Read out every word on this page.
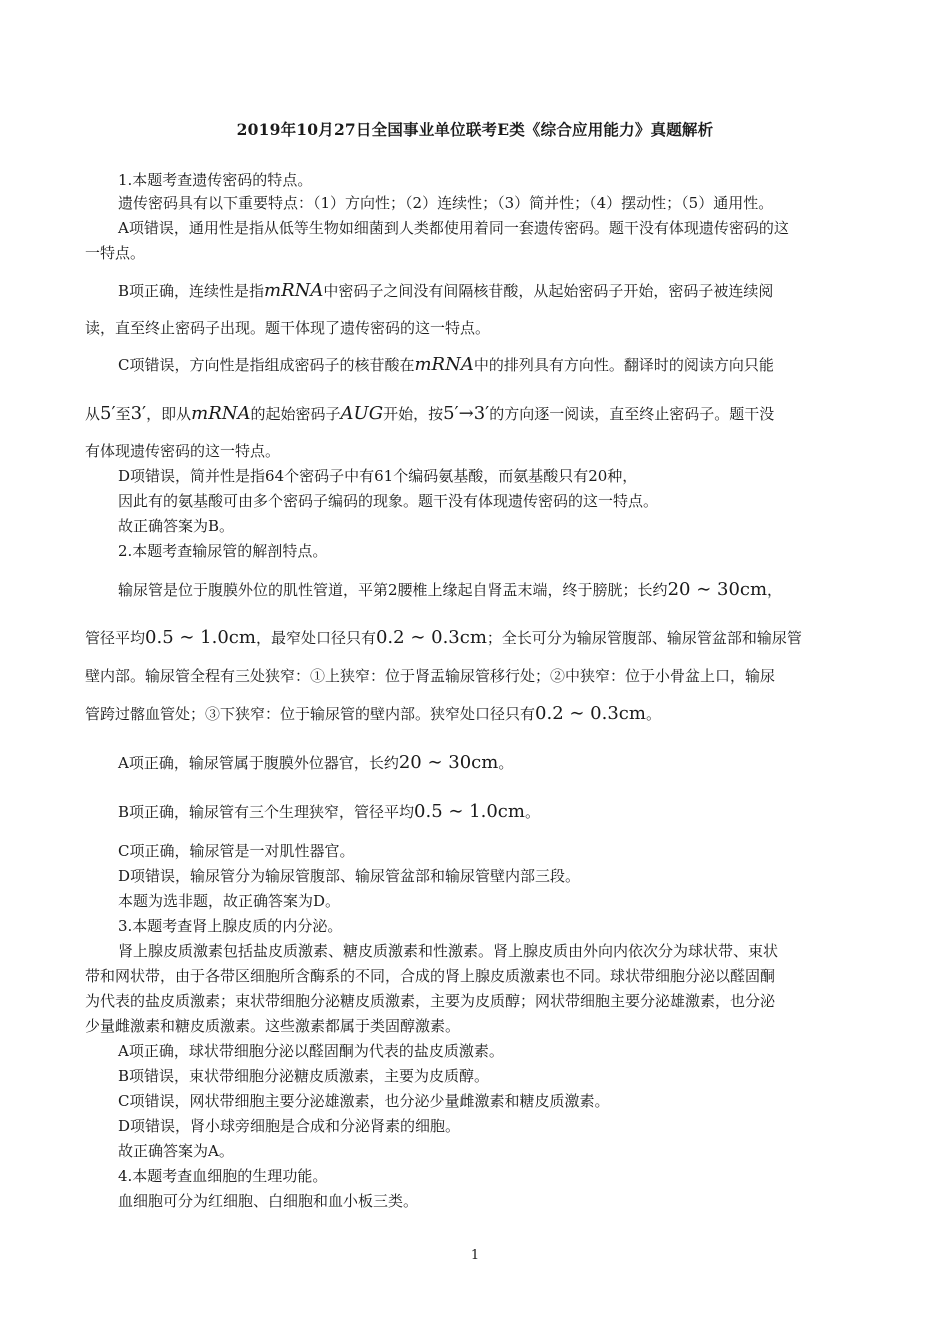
2019年10月27日全国事业单位联考E类《综合应用能力》真题解析
1.本题考查遗传密码的特点。
遗传密码具有以下重要特点：（1）方向性；（2）连续性；（3）简并性；（4）摆动性；（5）通用性。
A项错误，通用性是指从低等生物如细菌到人类都使用着同一套遗传密码。题干没有体现遗传密码的这
一特点。
B项正确，连续性是指mRNA中密码子之间没有间隔核苷酸，从起始密码子开始，密码子被连续阅
读，直至终止密码子出现。题干体现了遗传密码的这一特点。
C项错误，方向性是指组成密码子的核苷酸在mRNA中的排列具有方向性。翻译时的阅读方向只能
从5′至3′，即从mRNA的起始密码子AUG开始，按5′→3′的方向逐一阅读，直至终止密码子。题干没
有体现遗传密码的这一特点。
D项错误，简并性是指64个密码子中有61个编码氨基酸，而氨基酸只有20种，
因此有的氨基酸可由多个密码子编码的现象。题干没有体现遗传密码的这一特点。
故正确答案为B。
2.本题考查输尿管的解剖特点。
输尿管是位于腹膜外位的肌性管道，平第2腰椎上缘起自肾盂末端，终于膀胱；长约20 ∼ 30cm，
管径平均0.5 ∼ 1.0cm，最窄处口径只有0.2 ∼ 0.3cm；全长可分为输尿管腹部、输尿管盆部和输尿管
壁内部。输尿管全程有三处狭窄：①上狭窄：位于肾盂输尿管移行处；②中狭窄：位于小骨盆上口，输尿
管跨过髂血管处；③下狭窄：位于输尿管的壁内部。狭窄处口径只有0.2 ∼ 0.3cm。
A项正确，输尿管属于腹膜外位器官，长约20 ∼ 30cm。
B项正确，输尿管有三个生理狭窄，管径平均0.5 ∼ 1.0cm。
C项正确，输尿管是一对肌性器官。
D项错误，输尿管分为输尿管腹部、输尿管盆部和输尿管壁内部三段。
本题为选非题，故正确答案为D。
3.本题考查肾上腺皮质的内分泌。
肾上腺皮质激素包括盐皮质激素、糖皮质激素和性激素。肾上腺皮质由外向内依次分为球状带、束状
带和网状带，由于各带区细胞所含酶系的不同，合成的肾上腺皮质激素也不同。球状带细胞分泌以醛固酮
为代表的盐皮质激素；束状带细胞分泌糖皮质激素，主要为皮质醇；网状带细胞主要分泌雄激素，也分泌
少量雌激素和糖皮质激素。这些激素都属于类固醇激素。
A项正确，球状带细胞分泌以醛固酮为代表的盐皮质激素。
B项错误，束状带细胞分泌糖皮质激素，主要为皮质醇。
C项错误，网状带细胞主要分泌雄激素，也分泌少量雌激素和糖皮质激素。
D项错误，肾小球旁细胞是合成和分泌肾素的细胞。
故正确答案为A。
4.本题考查血细胞的生理功能。
血细胞可分为红细胞、白细胞和血小板三类。
1
